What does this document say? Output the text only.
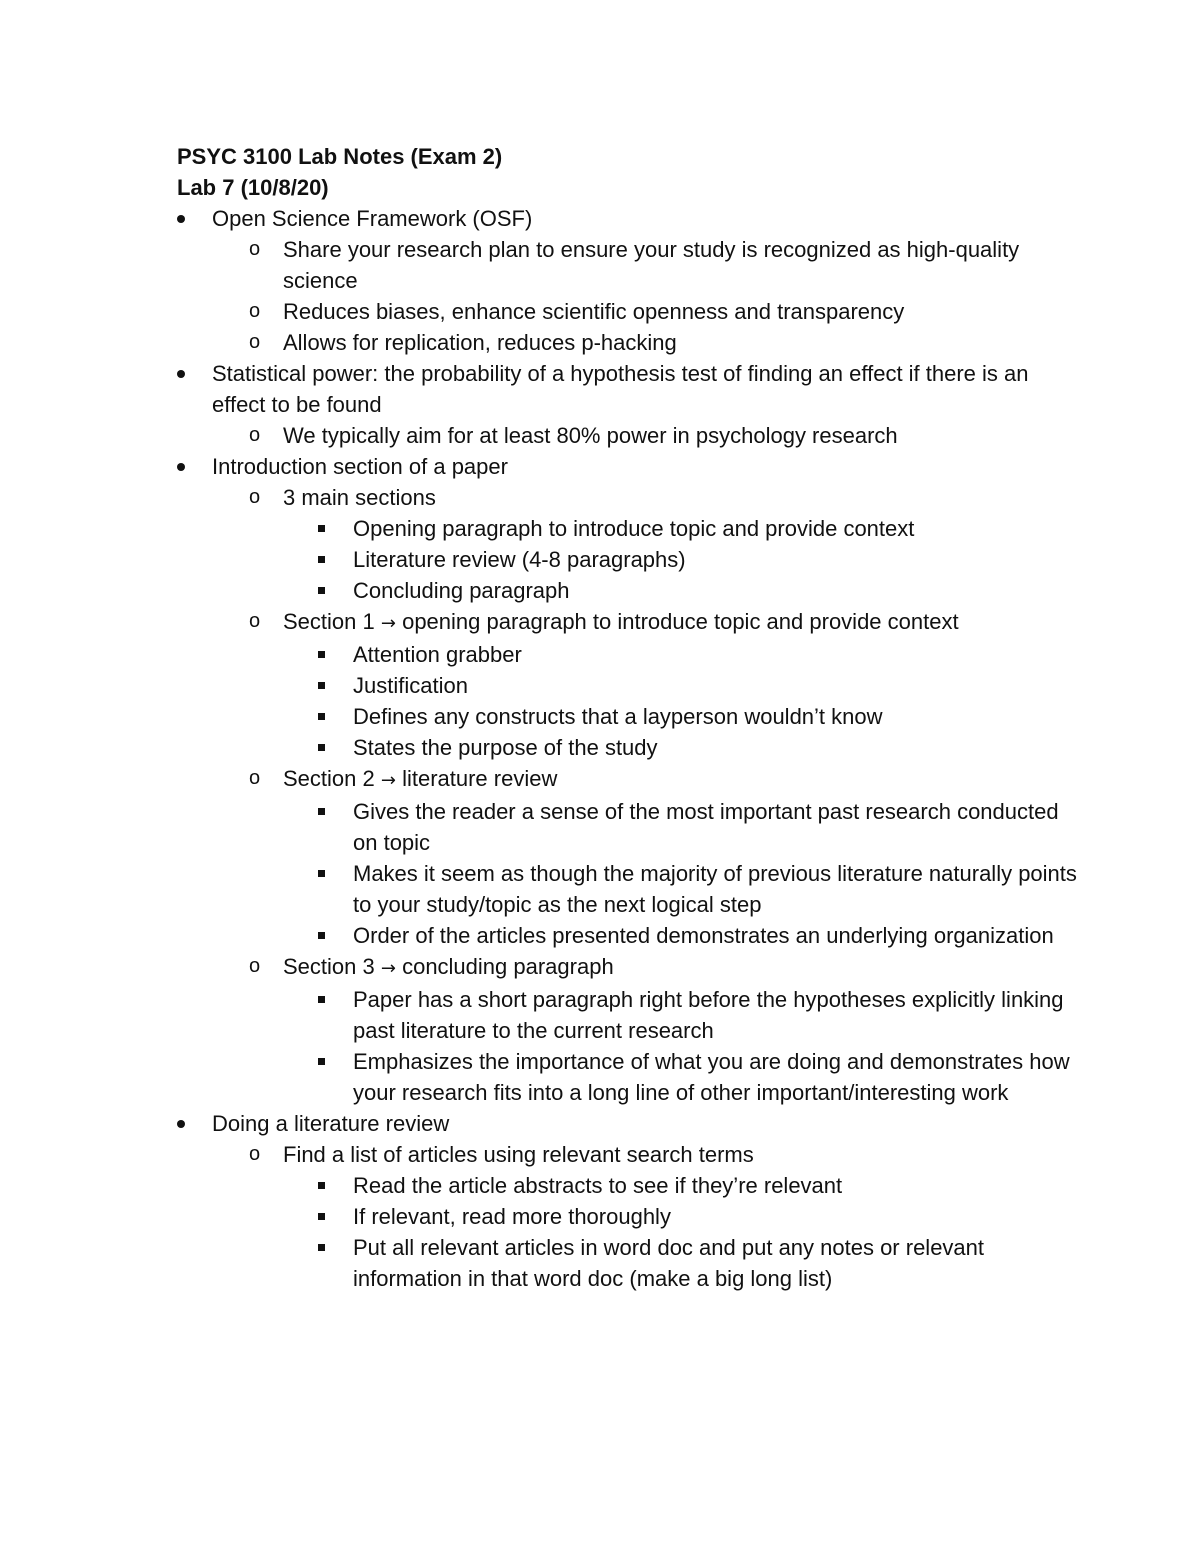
PSYC 3100 Lab Notes (Exam 2)

Lab 7 (10/8/20)

Open Science Framework (OSF)
o Share your research plan to ensure your study is recognized as high-quality science
o Reduces biases, enhance scientific openness and transparency
o Allows for replication, reduces p-hacking
Statistical power: the probability of a hypothesis test of finding an effect if there is an effect to be found
o We typically aim for at least 80% power in psychology research
Introduction section of a paper
o 3 main sections
Opening paragraph to introduce topic and provide context
Literature review (4-8 paragraphs)
Concluding paragraph
o Section 1 → opening paragraph to introduce topic and provide context
Attention grabber
Justification
Defines any constructs that a layperson wouldn’t know
States the purpose of the study
o Section 2 → literature review
Gives the reader a sense of the most important past research conducted on topic
Makes it seem as though the majority of previous literature naturally points to your study/topic as the next logical step
Order of the articles presented demonstrates an underlying organization
o Section 3 → concluding paragraph
Paper has a short paragraph right before the hypotheses explicitly linking past literature to the current research
Emphasizes the importance of what you are doing and demonstrates how your research fits into a long line of other important/interesting work
Doing a literature review
o Find a list of articles using relevant search terms
Read the article abstracts to see if they’re relevant
If relevant, read more thoroughly
Put all relevant articles in word doc and put any notes or relevant information in that word doc (make a big long list)
